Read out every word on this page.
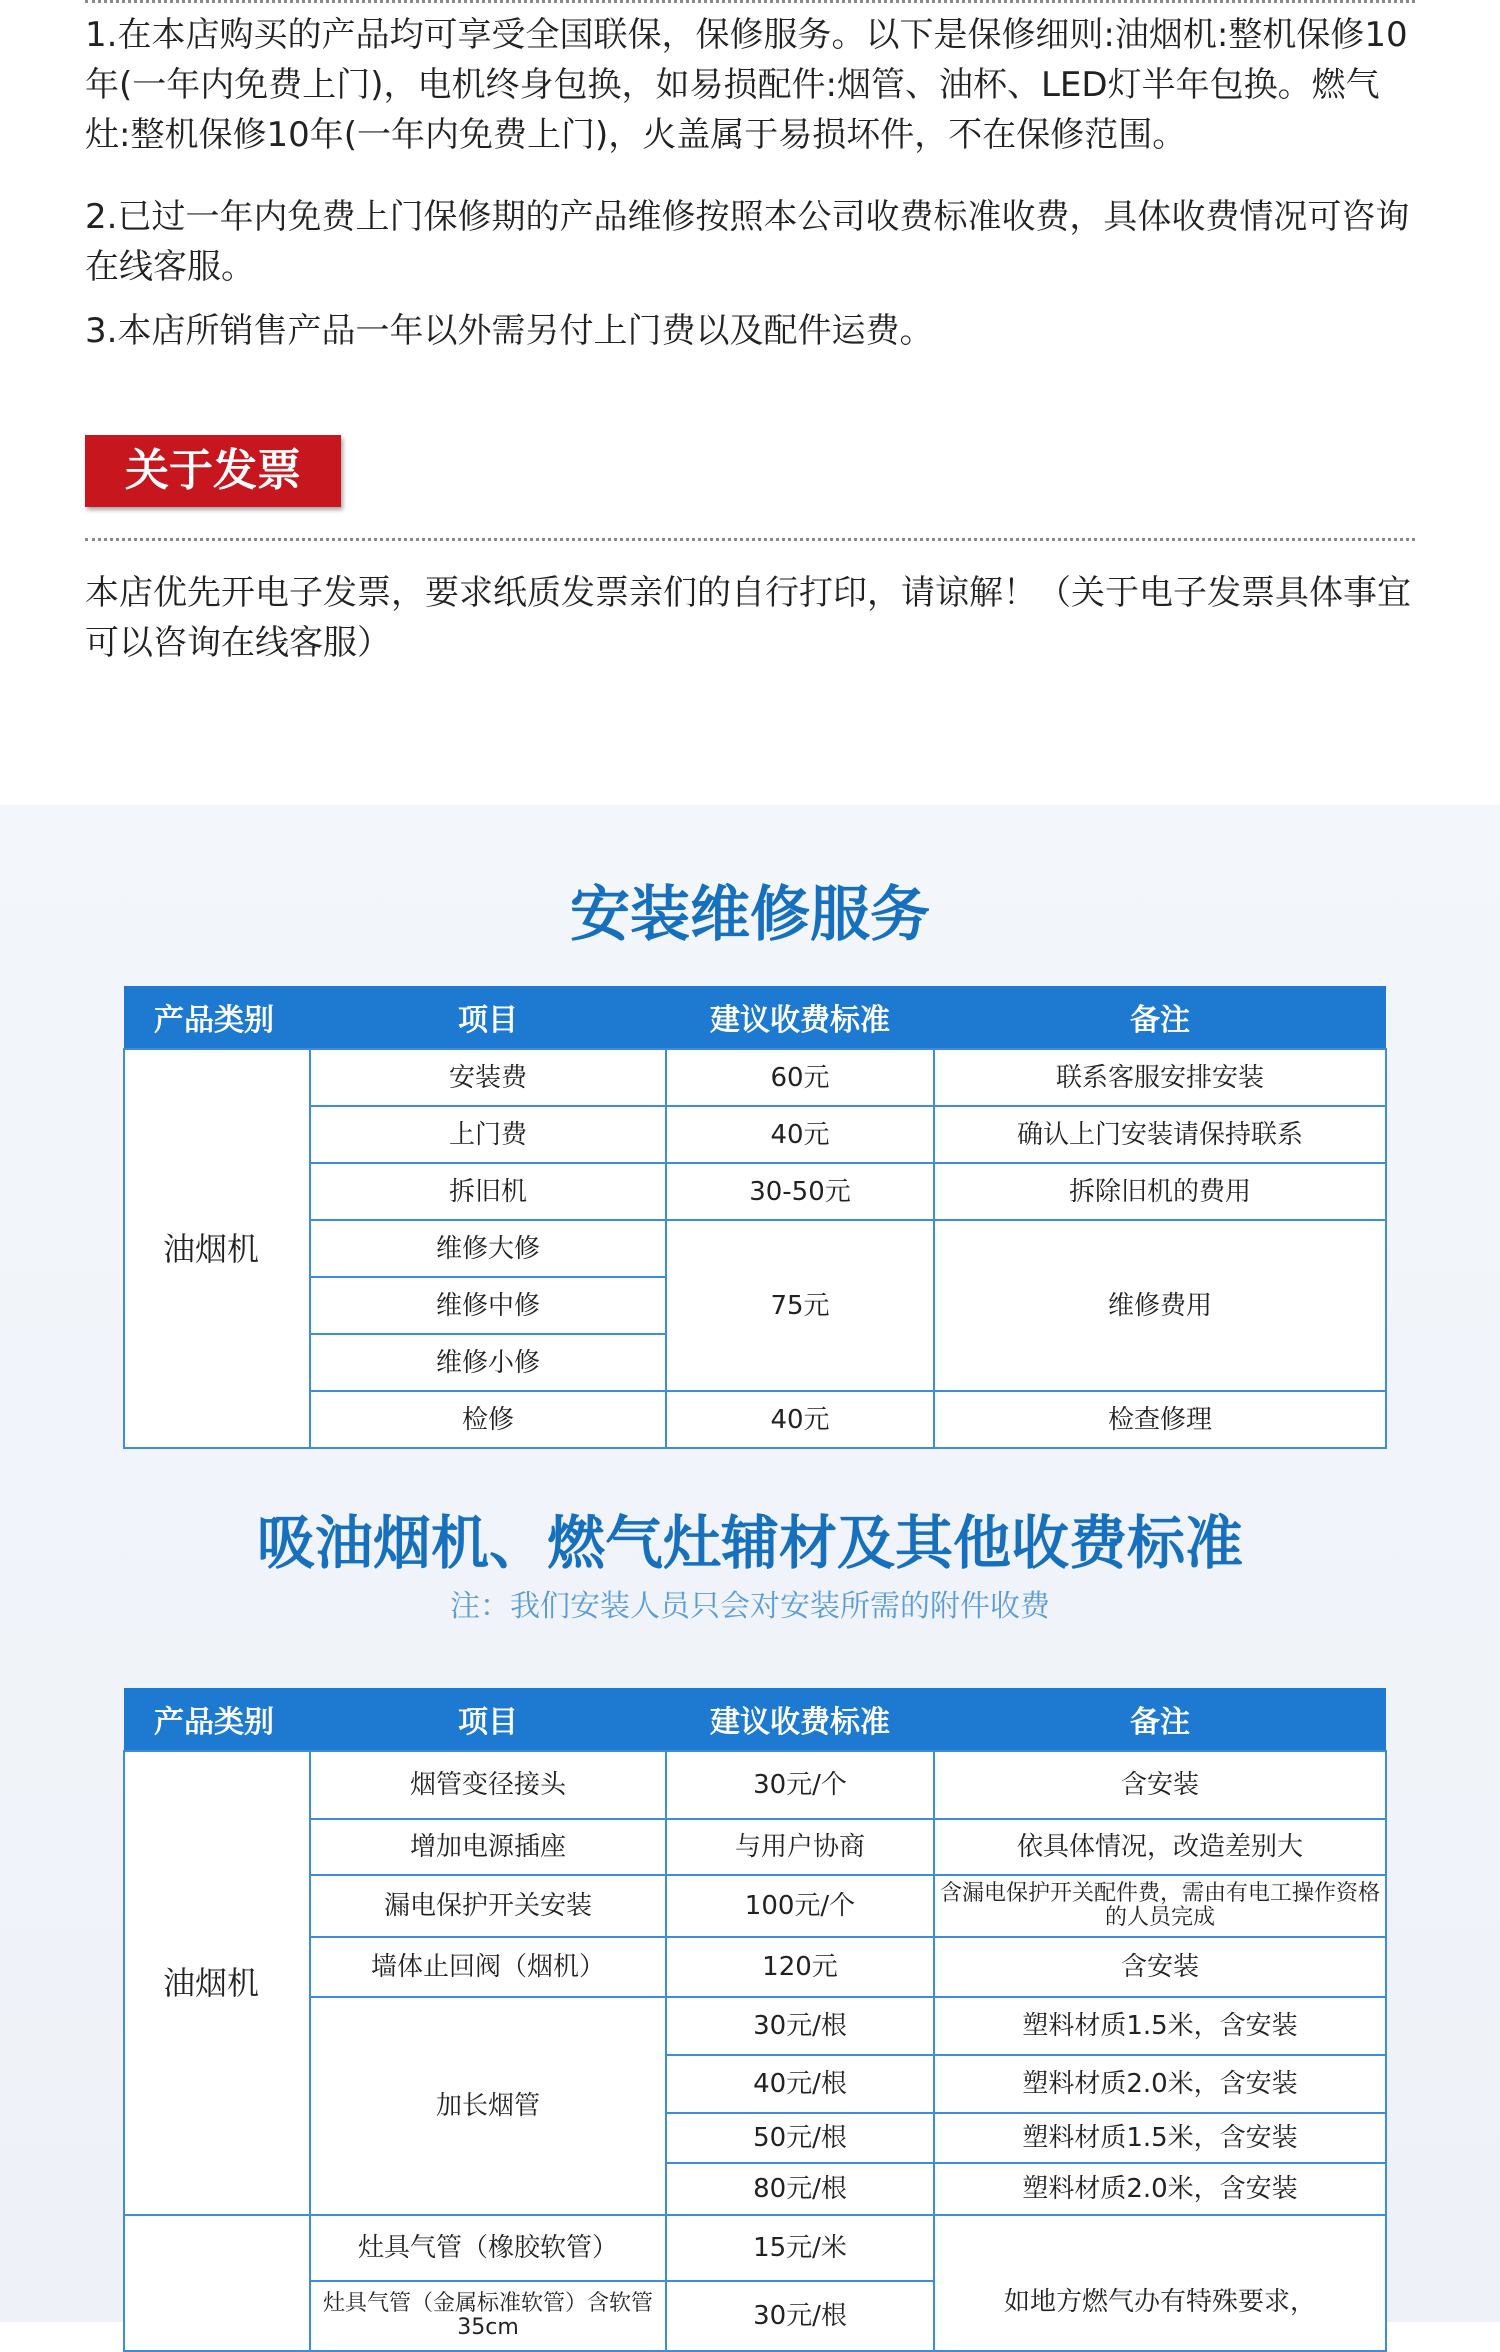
1.在本店购买的产品均可享受全国联保，保修服务。以下是保修细则:油烟机:整机保修10年(一年内免费上门)，电机终身包换，如易损配件:烟管、油杯、LED灯半年包换。燃气灶:整机保修10年(一年内免费上门)，火盖属于易损坏件，不在保修范围。

2.已过一年内免费上门保修期的产品维修按照本公司收费标准收费，具体收费情况可咨询在线客服。

3.本店所销售产品一年以外需另付上门费以及配件运费。

关于发票

本店优先开电子发票，要求纸质发票亲们的自行打印，请谅解！（关于电子发票具体事宜可以咨询在线客服）

安装维修服务
产品类别	项目	建议收费标准	备注
油烟机	安装费	60元	联系客服安排安装
	上门费	40元	确认上门安装请保持联系
	拆旧机	30-50元	拆除旧机的费用
	维修大修	75元	维修费用
	维修中修		
	维修小修		
	检修	40元	检查修理
吸油烟机、燃气灶辅材及其他收费标准
注：我们安装人员只会对安装所需的附件收费
产品类别	项目	建议收费标准	备注
油烟机	烟管变径接头	30元/个	含安装
	增加电源插座	与用户协商	依具体情况，改造差别大
	漏电保护开关安装	100元/个	含漏电保护开关配件费，需由有电工操作资格的人员完成
	墙体止回阀（烟机）	120元	含安装
	加长烟管	30元/根	塑料材质1.5米，含安装
		40元/根	塑料材质2.0米，含安装
		50元/根	塑料材质1.5米，含安装
		80元/根	塑料材质2.0米，含安装
	灶具气管（橡胶软管）	15元/米	如地方燃气办有特殊要求，
	灶具气管（金属标准软管）含软管35cm	30元/根	
